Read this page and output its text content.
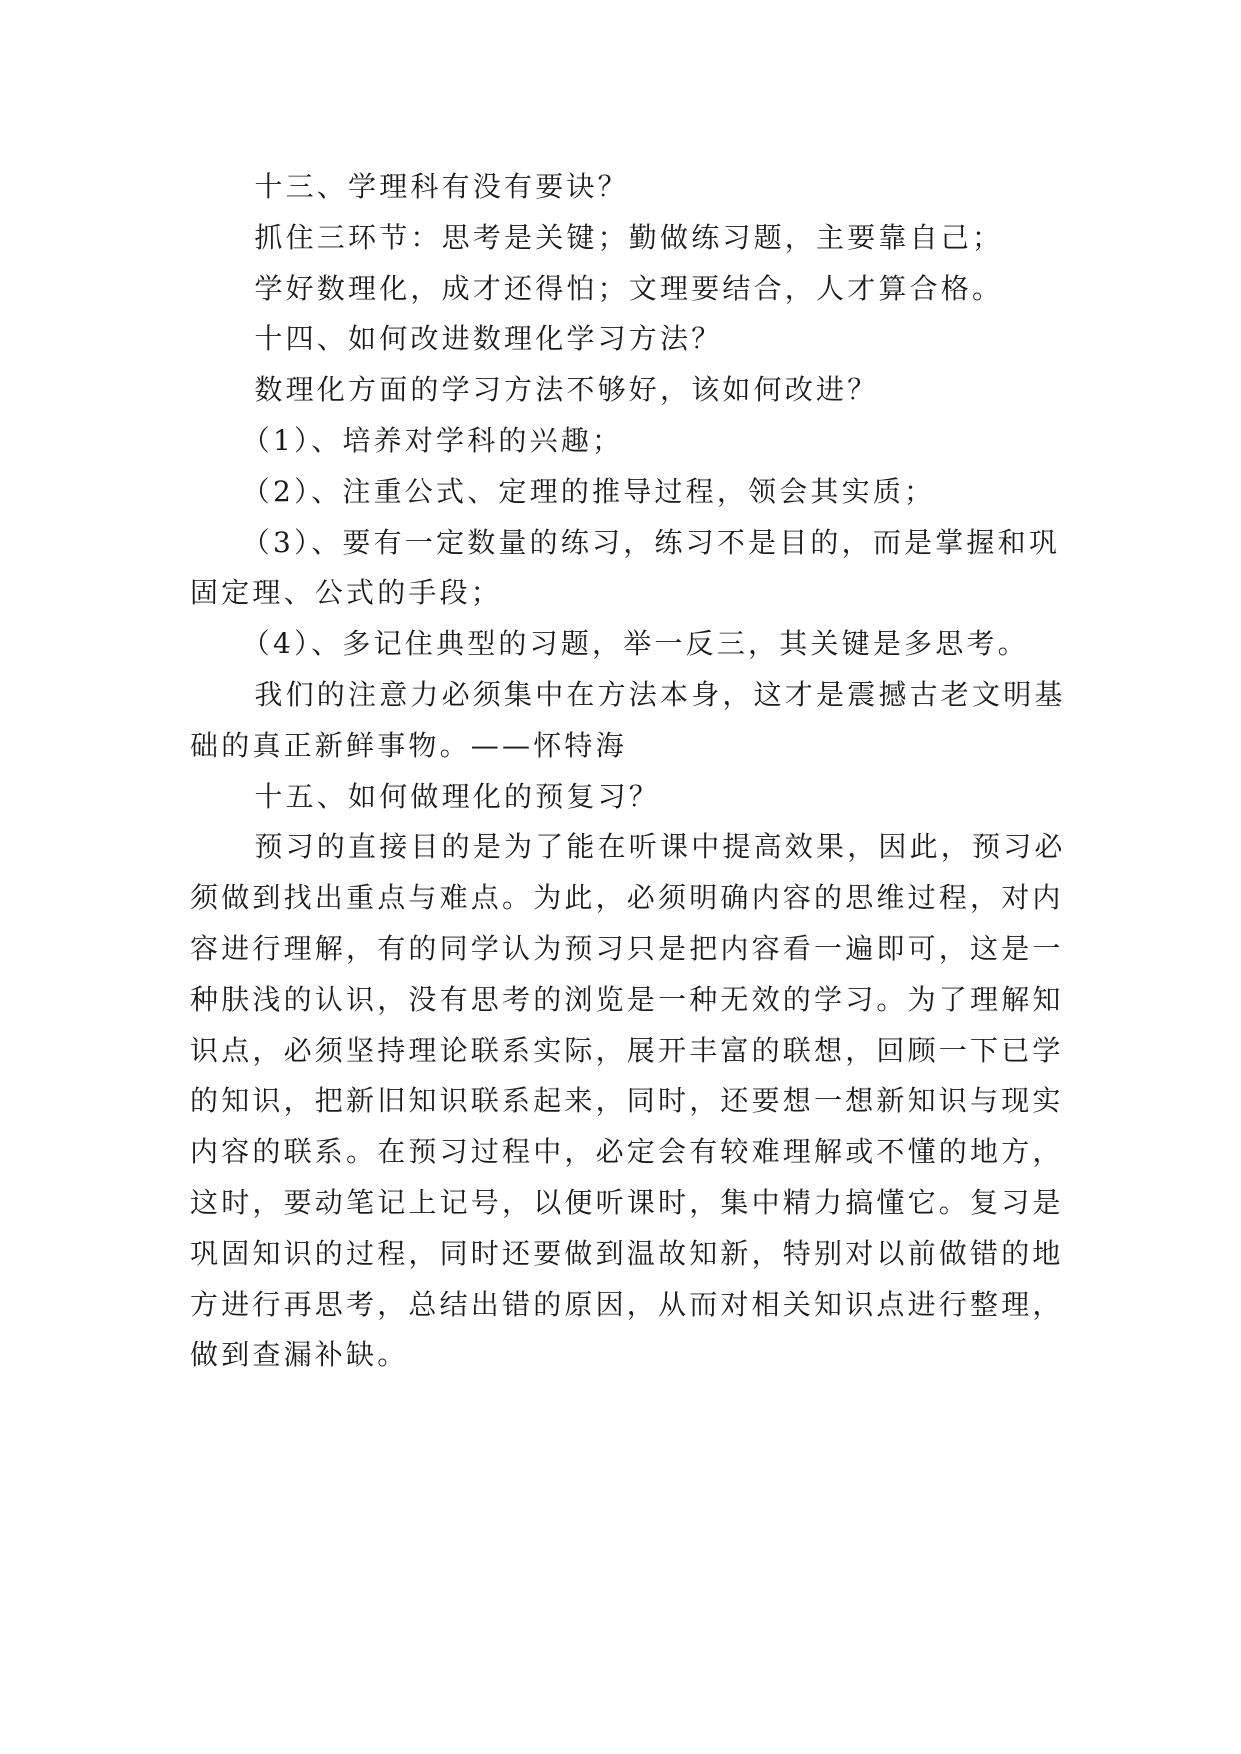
十三、学理科有没有要诀？

抓住三环节：思考是关键；勤做练习题，主要靠自己；

学好数理化，成才还得怕；文理要结合，人才算合格。

十四、如何改进数理化学习方法？

数理化方面的学习方法不够好，该如何改进？

（1）、培养对学科的兴趣；

（2）、注重公式、定理的推导过程，领会其实质；

（3）、要有一定数量的练习，练习不是目的，而是掌握和巩固定理、公式的手段；

（4）、多记住典型的习题，举一反三，其关键是多思考。

我们的注意力必须集中在方法本身，这才是震撼古老文明基础的真正新鲜事物。——怀特海

十五、如何做理化的预复习？

预习的直接目的是为了能在听课中提高效果，因此，预习必须做到找出重点与难点。为此，必须明确内容的思维过程，对内容进行理解，有的同学认为预习只是把内容看一遍即可，这是一种肤浅的认识，没有思考的浏览是一种无效的学习。为了理解知识点，必须坚持理论联系实际，展开丰富的联想，回顾一下已学的知识，把新旧知识联系起来，同时，还要想一想新知识与现实内容的联系。在预习过程中，必定会有较难理解或不懂的地方，这时，要动笔记上记号，以便听课时，集中精力搞懂它。复习是巩固知识的过程，同时还要做到温故知新，特别对以前做错的地方进行再思考，总结出错的原因，从而对相关知识点进行整理，做到查漏补缺。
